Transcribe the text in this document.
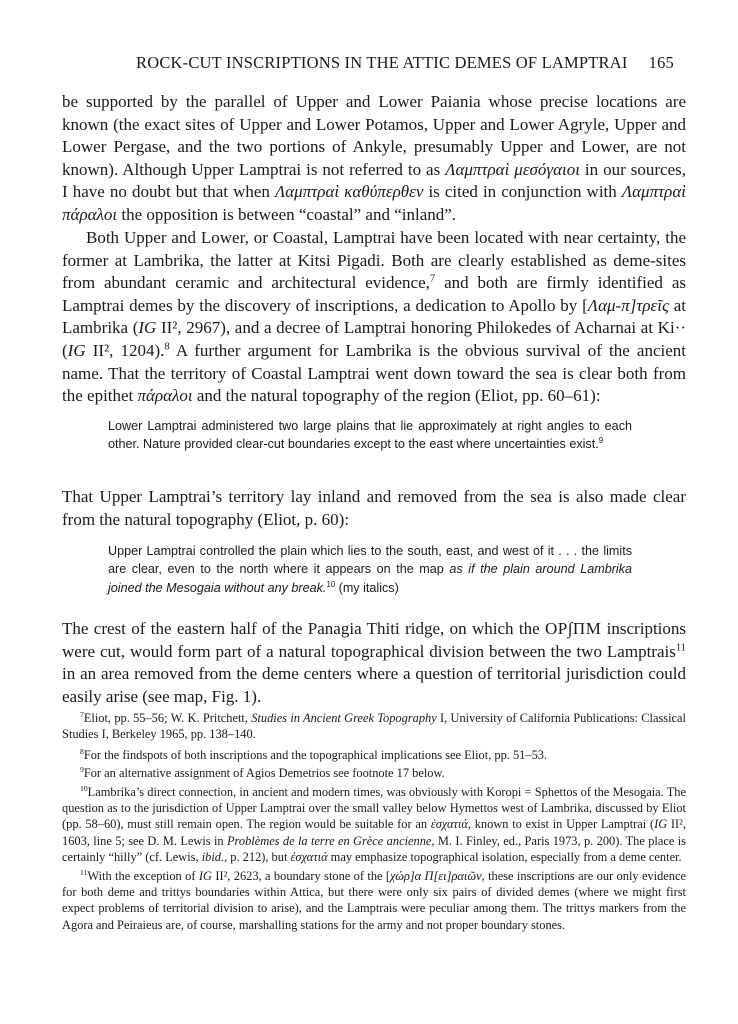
ROCK-CUT INSCRIPTIONS IN THE ATTIC DEMES OF LAMPTRAI 165

be supported by the parallel of Upper and Lower Paiania whose precise locations are known (the exact sites of Upper and Lower Potamos, Upper and Lower Agryle, Upper and Lower Pergase, and the two portions of Ankyle, presumably Upper and Lower, are not known). Although Upper Lamptrai is not referred to as Λαμπτραὶ μεσόγαιοι in our sources, I have no doubt but that when Λαμπτραὶ καθύπερθεν is cited in conjunction with Λαμπτραὶ πάραλοι the opposition is between “coastal” and “inland”.

Both Upper and Lower, or Coastal, Lamptrai have been located with near certainty, the former at Lambrika, the latter at Kitsi Pigadi. Both are clearly established as deme-sites from abundant ceramic and architectural evidence,$^7$ and both are firmly identified as Lamptrai demes by the discovery of inscriptions, a dedication to Apollo by [Λαμ-π]τρεῖς at Lambrika (IG II², 2967), and a decree of Lamptrai honoring Philokedes of Acharnai at Ki·· (IG II², 1204).$^8$ A further argument for Lambrika is the obvious survival of the ancient name. That the territory of Coastal Lamptrai went down toward the sea is clear both from the epithet πάραλοι and the natural topography of the region (Eliot, pp. 60–61):

Lower Lamptrai administered two large plains that lie approximately at right angles to each other. Nature provided clear-cut boundaries except to the east where uncertainties exist.$^9$

That Upper Lamptrai’s territory lay inland and removed from the sea is also made clear from the natural topography (Eliot, p. 60):

Upper Lamptrai controlled the plain which lies to the south, east, and west of it . . . the limits are clear, even to the north where it appears on the map as if the plain around Lambrika joined the Mesogaia without any break.$^{10}$ (my italics)

The crest of the eastern half of the Panagia Thiti ridge, on which the ΟΡ∫ΠΜ inscriptions were cut, would form part of a natural topographical division between the two Lamptrais$^{11}$ in an area removed from the deme centers where a question of territorial jurisdiction could easily arise (see map, Fig. 1).

$^7$Eliot, pp. 55–56; W. K. Pritchett, Studies in Ancient Greek Topography I, University of California Publications: Classical Studies I, Berkeley 1965, pp. 138–140.

$^8$For the findspots of both inscriptions and the topographical implications see Eliot, pp. 51–53.

$^9$For an alternative assignment of Agios Demetrios see footnote 17 below.

$^{10}$Lambrika’s direct connection, in ancient and modern times, was obviously with Koropi = Sphettos of the Mesogaia. The question as to the jurisdiction of Upper Lamptrai over the small valley below Hymettos west of Lambrika, discussed by Eliot (pp. 58–60), must still remain open. The region would be suitable for an ἐσχατιά, known to exist in Upper Lamptrai (IG II², 1603, line 5; see D. M. Lewis in Problèmes de la terre en Grèce ancienne, M. I. Finley, ed., Paris 1973, p. 200). The place is certainly “hilly” (cf. Lewis, ibid., p. 212), but ἐσχατιά may emphasize topographical isolation, especially from a deme center.

$^{11}$With the exception of IG II², 2623, a boundary stone of the [χώρ]α Π[ει]ραιῶν, these inscriptions are our only evidence for both deme and trittys boundaries within Attica, but there were only six pairs of divided demes (where we might first expect problems of territorial division to arise), and the Lamptrais were peculiar among them. The trittys markers from the Agora and Peiraieus are, of course, marshalling stations for the army and not proper boundary stones.
